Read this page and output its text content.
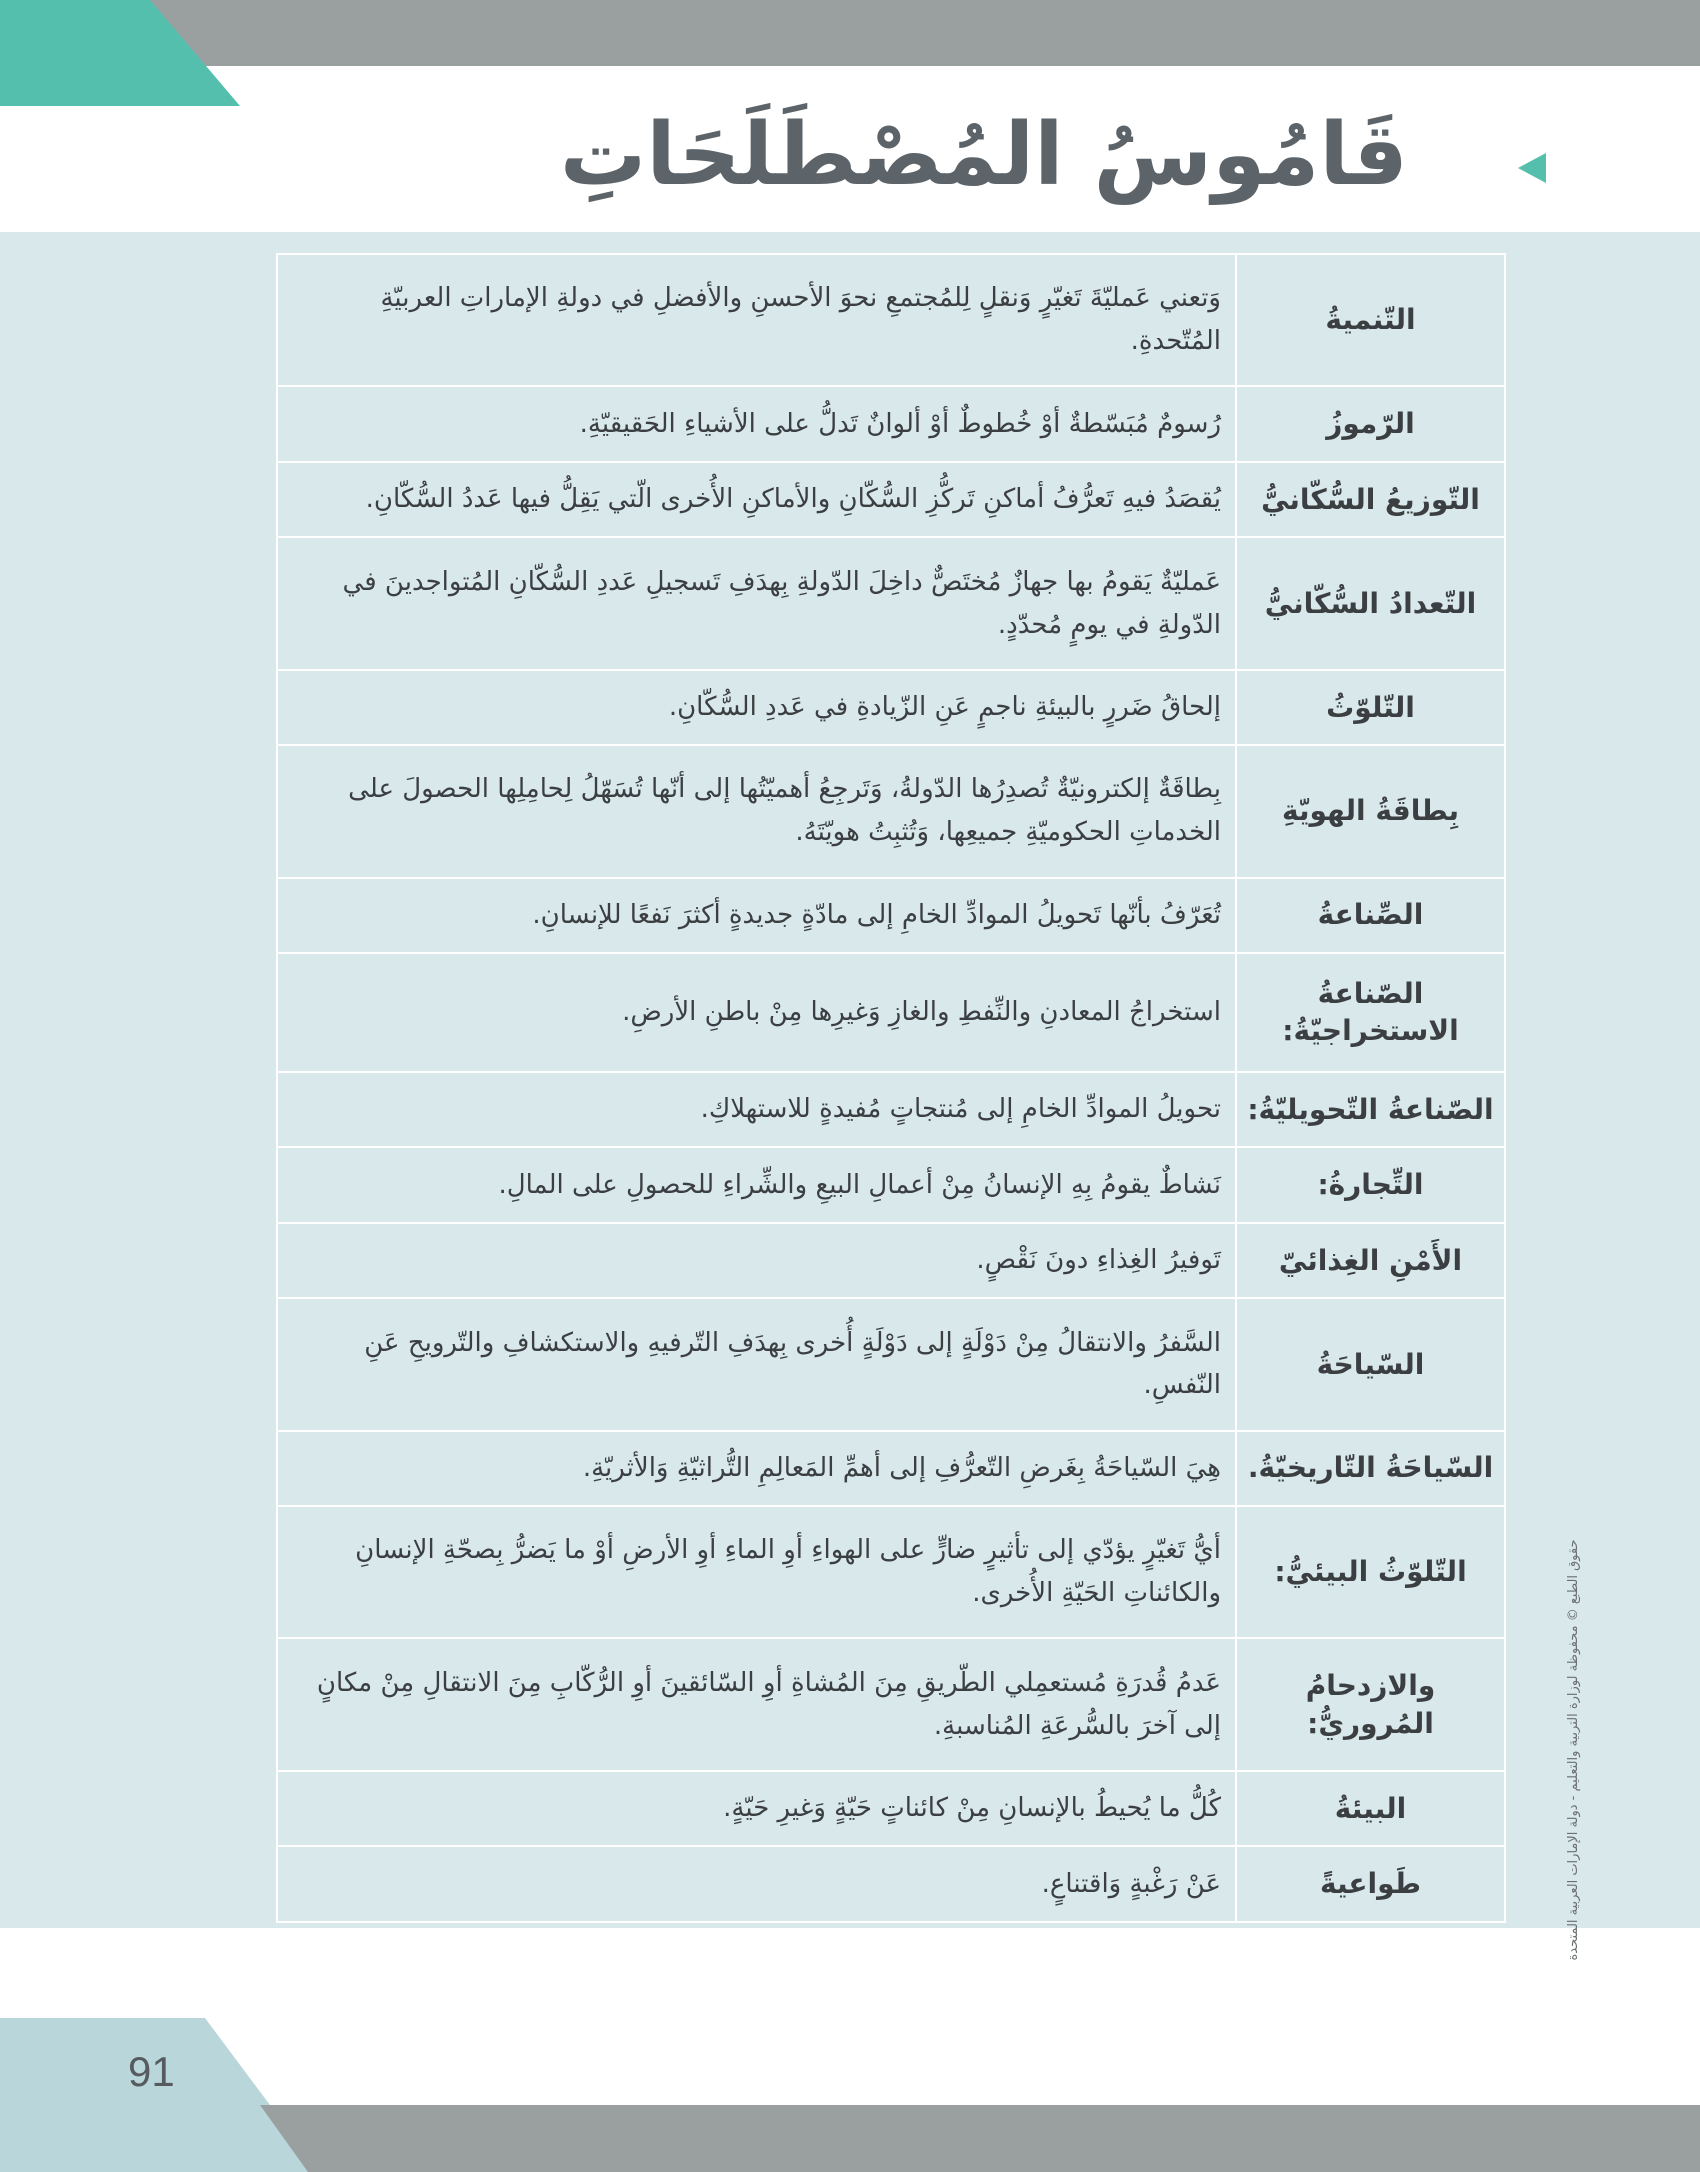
قَامُوسُ المُصْطَلَحَاتِ
التّنميةُ	وَتعني عَمليّةَ تَغيّرٍ وَنقلٍ لِلمُجتمعِ نحوَ الأحسنِ والأفضلِ في دولةِ الإماراتِ العربيّةِ المُتّحدةِ.
الرّموزُ	رُسومٌ مُبَسّطةٌ أوْ خُطوطٌ أوْ ألوانٌ تَدلُّ على الأشياءِ الحَقيقيّةِ.
التّوزيعُ السُّكّانيُّ	يُقصَدُ فيهِ تَعرُّفُ أماكنِ تَركُّزِ السُّكّانِ والأماكنِ الأُخرى الّتي يَقِلُّ فيها عَددُ السُّكّانِ.
التّعدادُ السُّكّانيُّ	عَمليّةٌ يَقومُ بها جهازٌ مُختَصٌّ داخِلَ الدّولةِ بِهدَفِ تَسجيلِ عَددِ السُّكّانِ المُتواجدينَ في الدّولةِ في يومٍ مُحدّدٍ.
التّلوّثُ	إلحاقُ ضَررٍ بالبيئةِ ناجمٍ عَنِ الزّيادةِ في عَددِ السُّكّانِ.
بِطاقَةُ الهويّةِ	بِطاقَةٌ إلكترونيّةٌ تُصدِرُها الدّولةُ، وَتَرجِعُ أهميّتُها إلى أنّها تُسَهّلُ لِحامِلِها الحصولَ على الخدماتِ الحكوميّةِ جميعِها، وَتُثبِتُ هويّتَهُ.
الصِّناعةُ	تُعَرّفُ بأنّها تَحويلُ الموادِّ الخامِ إلى مادّةٍ جديدةٍ أكثرَ نَفعًا للإنسانِ.
الصّناعةُ الاستخراجيّةُ:	استخراجُ المعادنِ والنِّفطِ والغازِ وَغيرِها مِنْ باطنِ الأرضِ.
الصّناعةُ التّحويليّةُ:	تحويلُ الموادِّ الخامِ إلى مُنتجاتٍ مُفيدةٍ للاستهلاكِ.
التِّجارةُ:	نَشاطٌ يقومُ بِهِ الإنسانُ مِنْ أعمالِ البيعِ والشِّراءِ للحصولِ على المالِ.
الأَمْنِ الغِذائيّ	تَوفيرُ الغِذاءِ دونَ نَقْصٍ.
السّياحَةُ	السَّفرُ والانتقالُ مِنْ دَوْلَةٍ إلى دَوْلَةٍ أُخرى بِهدَفِ التّرفيهِ والاستكشافِ والتّرويحِ عَنِ النّفسِ.
السّياحَةُ التّاريخيّةُ.	هِيَ السّياحَةُ بِغَرضِ التّعرُّفِ إلى أهمِّ المَعالِمِ التُّراثيّةِ وَالأثريّةِ.
التّلوّثُ البيئيُّ:	أيُّ تَغيّرٍ يؤدّي إلى تأثيرٍ ضارٍّ على الهواءِ أوِ الماءِ أوِ الأرضِ أوْ ما يَضرُّ بِصحّةِ الإنسانِ والكائناتِ الحَيّةِ الأُخرى.
والازدحامُ المُروريُّ:	عَدمُ قُدرَةِ مُستعمِلي الطّريقِ مِنَ المُشاةِ أوِ السّائقينَ أوِ الرُّكّابِ مِنَ الانتقالِ مِنْ مكانٍ إلى آخرَ بالسُّرعَةِ المُناسبةِ.
البيئةُ	كُلُّ ما يُحيطُ بالإنسانِ مِنْ كائناتٍ حَيّةٍ وَغيرِ حَيّةٍ.
طَواعيةً	عَنْ رَغْبةٍ وَاقتناعٍ.	حقوق الطبع © محفوظة لوزارة التربية والتعليم - دولة الإمارات العربية المتحدة
91
